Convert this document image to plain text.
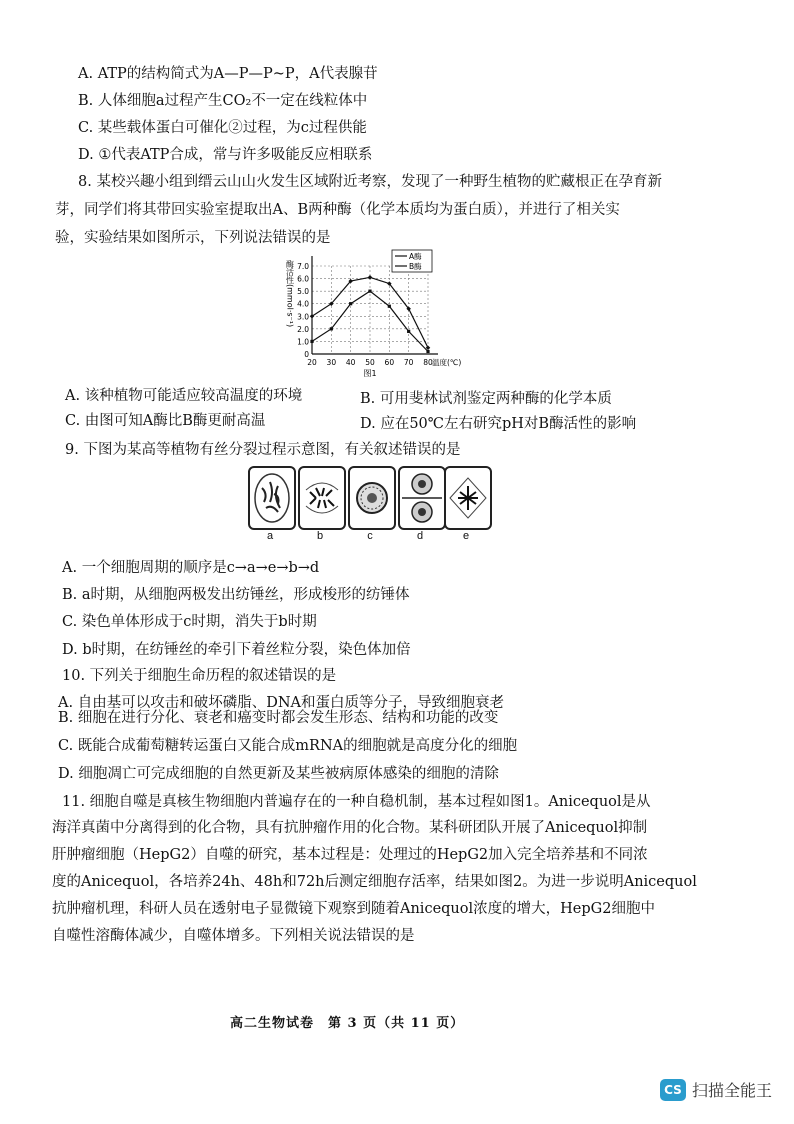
A. ATP的结构简式为A—P—P~P，A代表腺苷
B. 人体细胞a过程产生CO₂不一定在线粒体中
C. 某些载体蛋白可催化②过程，为c过程供能
D. ①代表ATP合成，常与许多吸能反应相联系
8. 某校兴趣小组到缙云山山火发生区域附近考察，发现了一种野生植物的贮藏根正在孕育新
芽，同学们将其带回实验室提取出A、B两种酶（化学本质均为蛋白质），并进行了相关实
验，实验结果如图所示，下列说法错误的是
1.0
2.0
3.0
4.0
5.0
6.0
7.0
0
20 30 40 50 60 70 80 温度(℃)
酶活性(mmol·s⁻¹)
图1
A酶
B酶
A. 该种植物可能适应较高温度的环境	B. 可用斐林试剂鉴定两种酶的化学本质
C. 由图可知A酶比B酶更耐高温	D. 应在50℃左右研究pH对B酶活性的影响
9. 下图为某高等植物有丝分裂过程示意图，有关叙述错误的是
a	b	c	d	e
A. 一个细胞周期的顺序是c→a→e→b→d
B. a时期，从细胞两极发出纺锤丝，形成梭形的纺锤体
C. 染色单体形成于c时期，消失于b时期
D. b时期，在纺锤丝的牵引下着丝粒分裂，染色体加倍
10. 下列关于细胞生命历程的叙述错误的是
A. 自由基可以攻击和破坏磷脂、DNA和蛋白质等分子，导致细胞衰老
B. 细胞在进行分化、衰老和癌变时都会发生形态、结构和功能的改变
C. 既能合成葡萄糖转运蛋白又能合成mRNA的细胞就是高度分化的细胞
D. 细胞凋亡可完成细胞的自然更新及某些被病原体感染的细胞的清除
11. 细胞自噬是真核生物细胞内普遍存在的一种自稳机制，基本过程如图1。Anicequol是从
海洋真菌中分离得到的化合物，具有抗肿瘤作用的化合物。某科研团队开展了Anicequol抑制
肝肿瘤细胞（HepG2）自噬的研究，基本过程是：处理过的HepG2加入完全培养基和不同浓
度的Anicequol，各培养24h、48h和72h后测定细胞存活率，结果如图2。为进一步说明Anicequol
抗肿瘤机理，科研人员在透射电子显微镜下观察到随着Anicequol浓度的增大，HepG2细胞中
自噬性溶酶体减少，自噬体增多。下列相关说法错误的是
高二生物试卷　第 3 页（共 11 页）
CS 扫描全能王
